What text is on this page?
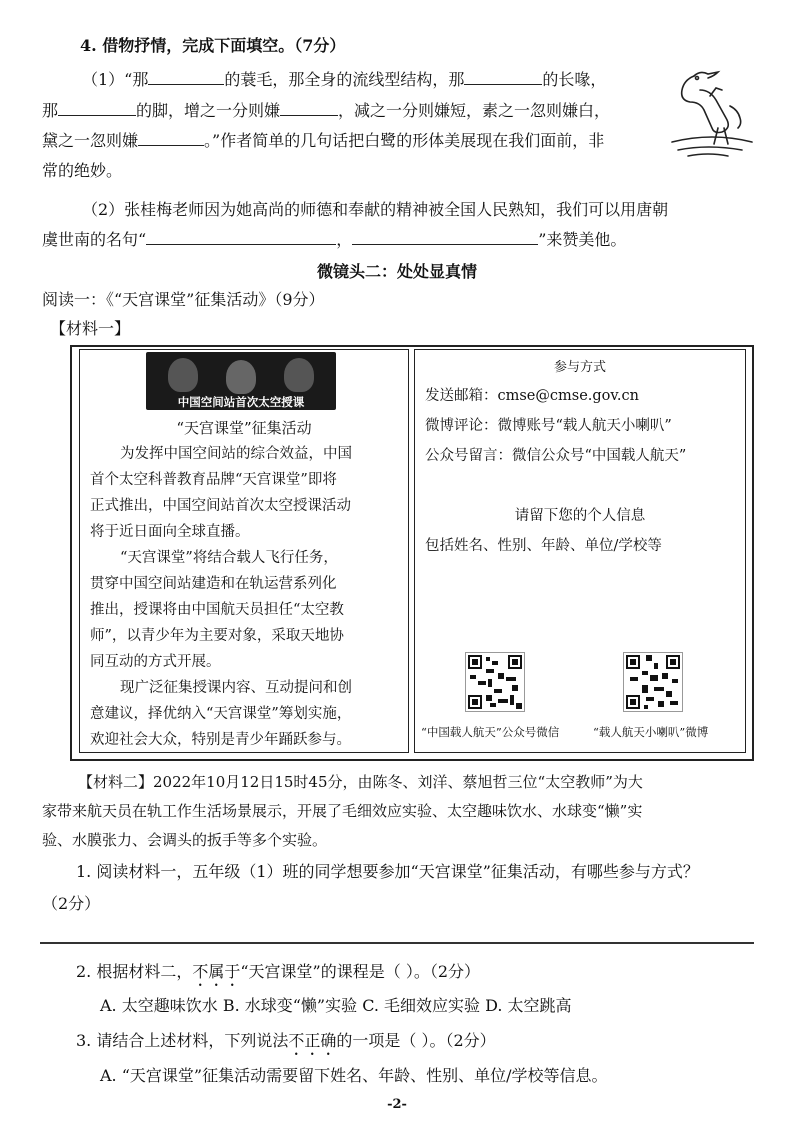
4. 借物抒情，完成下面填空。（7分）
（1）“那	的蓑毛，那全身的流线型结构，那	的长喙，
那	的脚，增之一分则嫌	，减之一分则嫌短，素之一忽则嫌白，
黛之一忽则嫌	。”作者简单的几句话把白鹭的形体美展现在我们面前，非
常的绝妙。
（2）张桂梅老师因为她高尚的师德和奉献的精神被全国人民熟知，我们可以用唐朝
虞世南的名句“	，	”来赞美他。
微镜头二：处处显真情
阅读一：《“天宫课堂”征集活动》（9分）
【材料一】
中国空间站首次太空授课
“天宫课堂”征集活动
为发挥中国空间站的综合效益，中国
首个太空科普教育品牌“天宫课堂”即将
正式推出，中国空间站首次太空授课活动
将于近日面向全球直播。
“天宫课堂”将结合载人飞行任务，
贯穿中国空间站建造和在轨运营系列化
推出，授课将由中国航天员担任“太空教
师”，以青少年为主要对象，采取天地协
同互动的方式开展。
现广泛征集授课内容、互动提问和创
意建议，择优纳入“天宫课堂”筹划实施，
欢迎社会大众，特别是青少年踊跃参与。
参与方式
发送邮箱：cmse@cmse.gov.cn
微博评论：微博账号“载人航天小喇叭”
公众号留言：微信公众号“中国载人航天”
请留下您的个人信息
包括姓名、性别、年龄、单位/学校等
“中国载人航天”公众号微信	“载人航天小喇叭”微博
【材料二】2022年10月12日15时45分，由陈冬、刘洋、蔡旭哲三位“太空教师”为大
家带来航天员在轨工作生活场景展示，开展了毛细效应实验、太空趣味饮水、水球变“懒”实
验、水膜张力、会调头的扳手等多个实验。
1. 阅读材料一，五年级（1）班的同学想要参加“天宫课堂”征集活动，有哪些参与方式？
（2分）
2. 根据材料二，不属于“天宫课堂”的课程是（ ）。（2分）
A. 太空趣味饮水 B. 水球变“懒”实验 C. 毛细效应实验 D. 太空跳高
3. 请结合上述材料，下列说法不正确的一项是（ ）。（2分）
A. “天宫课堂”征集活动需要留下姓名、年龄、性别、单位/学校等信息。
-2-
